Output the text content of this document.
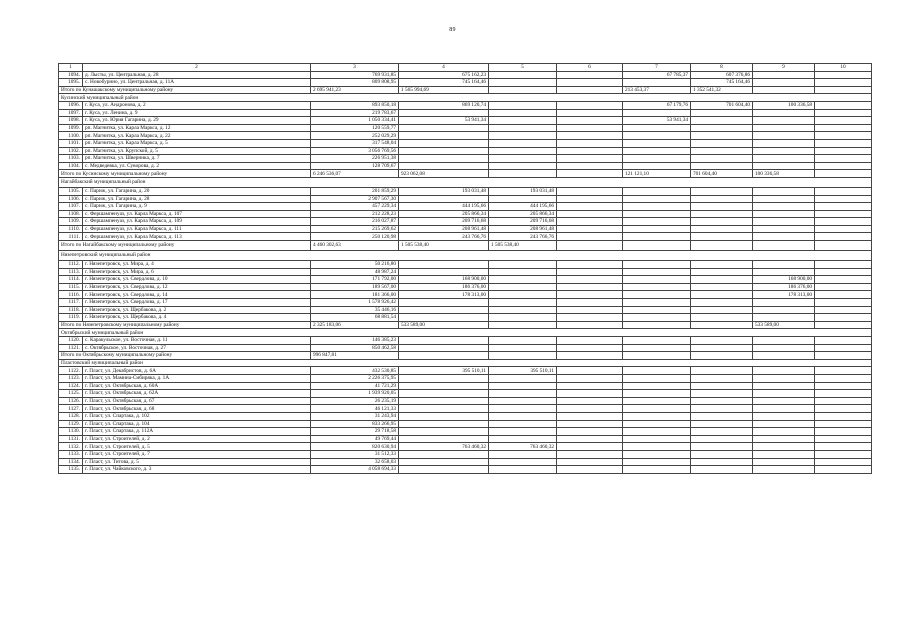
89
1	2	3	4	5	6	7	8	9	10
1094.	д. Лысты, ул. Центральная, д. 28	769 931,85	675 162,23			67 785,37	607 376,86		
1095.	с. Новобурино, ул. Центральная, д. 11А	809 808,95	745 164,46				745 164,46		
Итого по Кунашакскому муниципальному району		2 695 941,23	1 565 994,69			213 453,37	1 352 541,32		
Кусинский муниципальный район									
1096.	г. Куса, ул. Андронова, д. 2	893 850,18	869 120,74			67 179,76	701 604,40	100 336,58	
1097.	г. Куса, ул. Ленина, д. 9	219 783,67							
1098.	г. Куса, ул. Юрия Гагарина, д. 29	1 050 334,41	53 941,34			53 941,34			
1099.	рп. Магнитка, ул. Карла Маркса, д. 12	120 559,77							
1100.	рп. Магнитка, ул. Карла Маркса, д. 22	252 029,29							
1101.	рп. Магнитка, ул. Карла Маркса, д. 5	317 548,04							
1102.	рп. Магнитка, ул. Крупской, д. 5	3 056 769,56							
1103.	рп. Магнитка, ул. Шверника, д. 7	226 951,38							
1104.	с. Медведевка, ул. Суворова, д. 2	128 709,67							
Итого по Кусинскому муниципальному району		6 246 536,07	923 062,08			121 121,10	701 604,40	100 336,58	
Нагайбакский муниципальный район									
1105.	с. Париж, ул. Гагарина, д. 20	201 859,29	193 031,48	193 031,48					
1106.	с. Париж, ул. Гагарина, д. 28	2 907 567,30							
1107.	с. Париж, ул. Гагарина, д. 9	457 229,34	444 195,66	444 195,66					
1108.	с. Фершампенуаз, ул. Карла Маркса, д. 107	212 228,23	205 866,34	205 866,34					
1109.	с. Фершампенуаз, ул. Карла Маркса, д. 109	216 027,87	209 716,68	209 716,68					
1110.	с. Фершампенуаз, ул. Карла Маркса, д. 111	215 269,62	208 961,48	208 961,48					
1111.	с. Фершампенуаз, ул. Карла Маркса, д. 113	250 120,98	243 766,76	243 766,76					
Итого по Нагайбакскому муниципальному району		4 460 302,63	1 505 538,40	1 505 538,40					
Нязепетровский муниципальный район									
1112.	г. Нязепетровск, ул. Мира, д. 4	50 216,80							
1113.	г. Нязепетровск, ул. Мира, д. 6	48 987,24							
1114.	г. Нязепетровск, ул. Свердлова, д. 10	171 792,00	168 900,00					168 900,00	
1115.	г. Нязепетровск, ул. Свердлова, д. 12	189 567,00	186 376,00					186 376,00	
1116.	г. Нязепетровск, ул. Свердлова, д. 14	181 366,00	178 313,00					178 313,00	
1117.	г. Нязепетровск, ул. Свердлова, д. 17	1 578 926,42							
1118.	г. Нязепетровск, ул. Щербакова, д. 2	35 446,16							
1119.	г. Нязепетровск, ул. Щербакова, д. 4	68 881,54							
Итого по Нязепетровскому муниципальному району		2 325 183,06	533 589,00					533 589,00	
Октябрьский муниципальный район									
1120.	с. Каракульское, ул. Восточная, д. 11	146 385,23							
1121.	с. Октябрьское, ул. Восточная, д. 27	850 462,58							
Итого по Октябрьскому муниципальному району		996 847,81							
Пластовский муниципальный район									
1122.	г. Пласт, ул. Декабристов, д. 6А	432 530,85	395 510,11	395 510,11					
1123.	г. Пласт, ул. Мамина-Сибиряка, д. 1А	2 226 375,95							
1124.	г. Пласт, ул. Октябрьская, д. 60А	41 721,29							
1125.	г. Пласт, ул. Октябрьская, д. 62А	1 939 920,05							
1126.	г. Пласт, ул. Октябрьская, д. 67	26 235,19							
1127.	г. Пласт, ул. Октябрьская, д. 68	46 121,33							
1128.	г. Пласт, ул. Спартака, д. 102	31 243,94							
1129.	г. Пласт, ул. Спартака, д. 104	833 266,95							
1130.	г. Пласт, ул. Спартака, д. 112А	29 718,58							
1131.	г. Пласт, ул. Строителей, д. 2	49 769,44							
1132.	г. Пласт, ул. Строителей, д. 5	820 630,94	763 460,32	763 460,32					
1133.	г. Пласт, ул. Строителей, д. 7	31 512,33							
1134.	г. Пласт, ул. Титова, д. 5	32 658,03							
1135.	г. Пласт, ул. Чайковского, д. 3	4 058 694,33							
